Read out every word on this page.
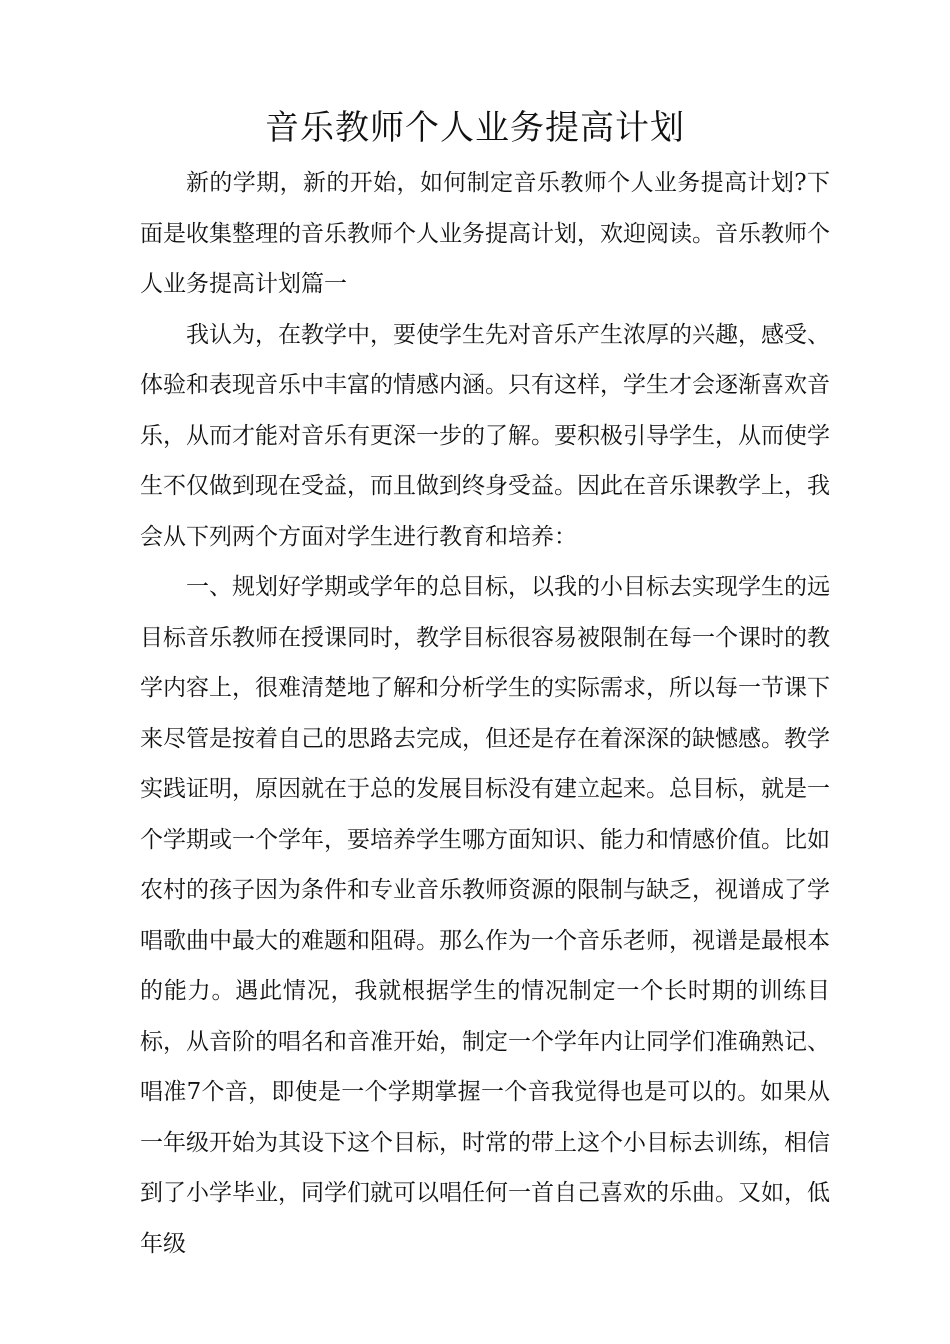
音乐教师个人业务提高计划

新的学期，新的开始，如何制定音乐教师个人业务提高计划?下面是收集整理的音乐教师个人业务提高计划，欢迎阅读。音乐教师个人业务提高计划篇一

我认为，在教学中，要使学生先对音乐产生浓厚的兴趣，感受、体验和表现音乐中丰富的情感内涵。只有这样，学生才会逐渐喜欢音乐，从而才能对音乐有更深一步的了解。要积极引导学生，从而使学生不仅做到现在受益，而且做到终身受益。因此在音乐课教学上，我会从下列两个方面对学生进行教育和培养：

一、规划好学期或学年的总目标，以我的小目标去实现学生的远目标音乐教师在授课同时，教学目标很容易被限制在每一个课时的教学内容上，很难清楚地了解和分析学生的实际需求，所以每一节课下来尽管是按着自己的思路去完成，但还是存在着深深的缺憾感。教学实践证明，原因就在于总的发展目标没有建立起来。总目标，就是一个学期或一个学年，要培养学生哪方面知识、能力和情感价值。比如农村的孩子因为条件和专业音乐教师资源的限制与缺乏，视谱成了学唱歌曲中最大的难题和阻碍。那么作为一个音乐老师，视谱是最根本的能力。遇此情况，我就根据学生的情况制定一个长时期的训练目标，从音阶的唱名和音准开始，制定一个学年内让同学们准确熟记、唱准7个音，即使是一个学期掌握一个音我觉得也是可以的。如果从一年级开始为其设下这个目标，时常的带上这个小目标去训练，相信到了小学毕业，同学们就可以唱任何一首自己喜欢的乐曲。又如，低年级
